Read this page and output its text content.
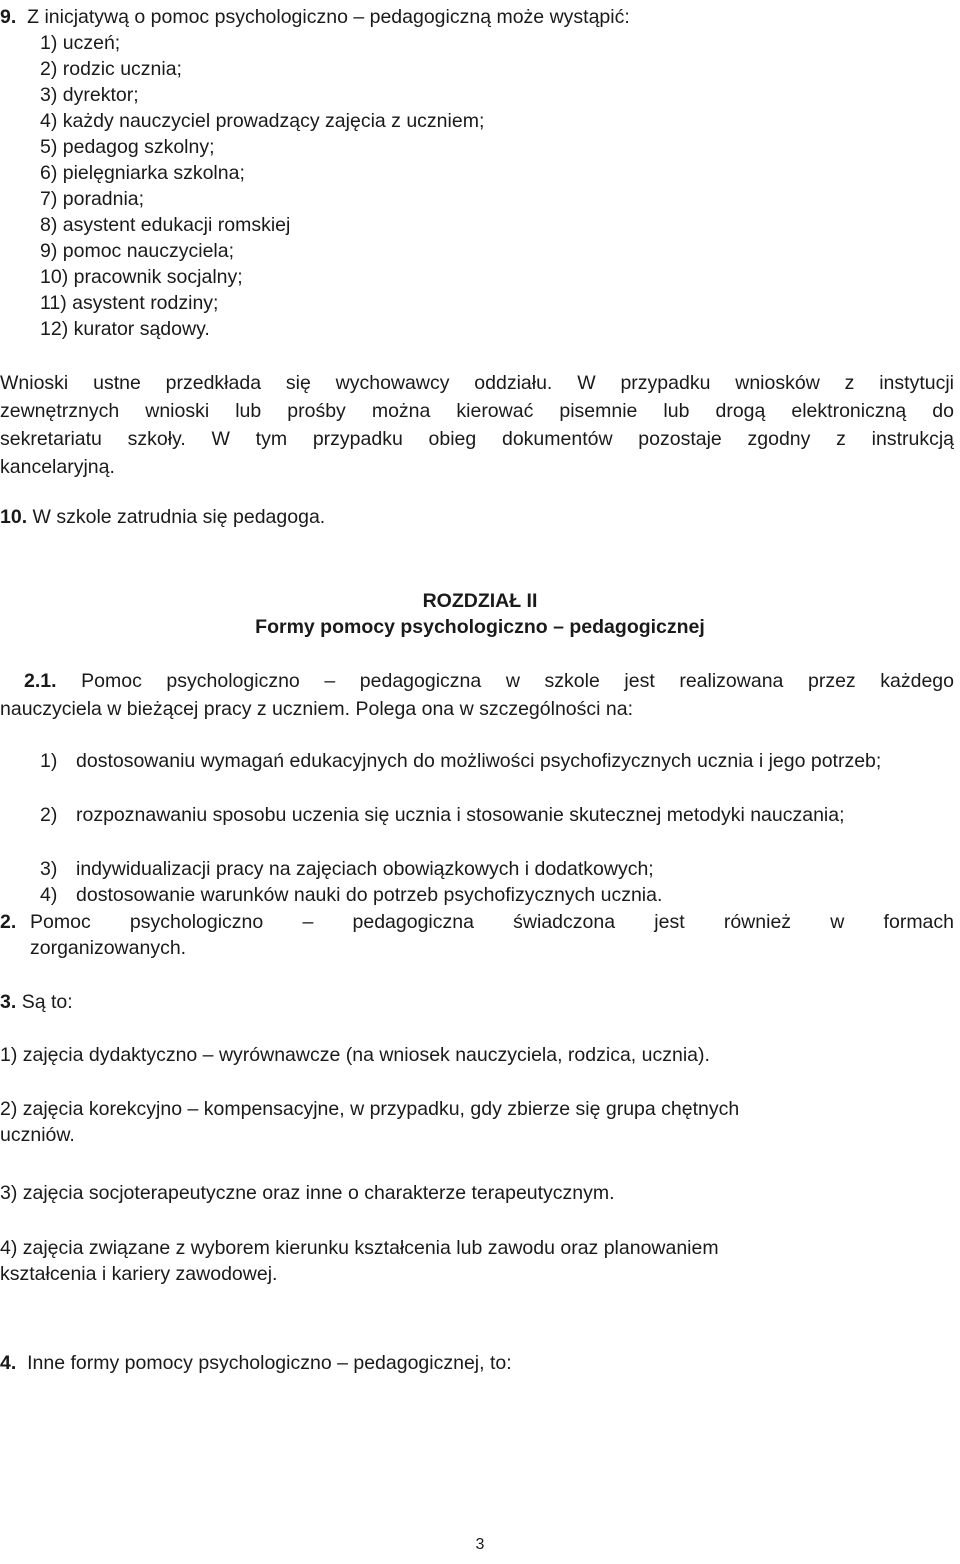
9. Z inicjatywą o pomoc psychologiczno – pedagogiczną może wystąpić:
1) uczeń;
2) rodzic ucznia;
3) dyrektor;
4) każdy nauczyciel prowadzący zajęcia z uczniem;
5) pedagog szkolny;
6) pielęgniarka szkolna;
7) poradnia;
8) asystent edukacji romskiej
9) pomoc nauczyciela;
10) pracownik socjalny;
11) asystent rodziny;
12) kurator sądowy.
Wnioski ustne przedkłada się wychowawcy oddziału. W przypadku wniosków z instytucji
zewnętrznych wnioski lub prośby można kierować pisemnie lub drogą elektroniczną do
sekretariatu szkoły. W tym przypadku obieg dokumentów pozostaje zgodny z instrukcją
kancelaryjną.
10. W szkole zatrudnia się pedagoga.
ROZDZIAŁ II
Formy pomocy psychologiczno – pedagogicznej
2.1. Pomoc psychologiczno – pedagogiczna w szkole jest realizowana przez każdego
nauczyciela w bieżącej pracy z uczniem. Polega ona w szczególności na:
1) dostosowaniu wymagań edukacyjnych do możliwości psychofizycznych ucznia i jego potrzeb;
2) rozpoznawaniu sposobu uczenia się ucznia i stosowanie skutecznej metodyki nauczania;
3) indywidualizacji pracy na zajęciach obowiązkowych i dodatkowych;
4) dostosowanie warunków nauki do potrzeb psychofizycznych ucznia.
2. Pomoc psychologiczno – pedagogiczna świadczona jest również w formach
zorganizowanych.
3. Są to:
1) zajęcia dydaktyczno – wyrównawcze (na wniosek nauczyciela, rodzica, ucznia).
2) zajęcia korekcyjno – kompensacyjne, w przypadku, gdy zbierze się grupa chętnych
uczniów.
3) zajęcia socjoterapeutyczne oraz inne o charakterze terapeutycznym.
4) zajęcia związane z wyborem kierunku kształcenia lub zawodu oraz planowaniem
kształcenia i kariery zawodowej.
4. Inne formy pomocy psychologiczno – pedagogicznej, to:
3
